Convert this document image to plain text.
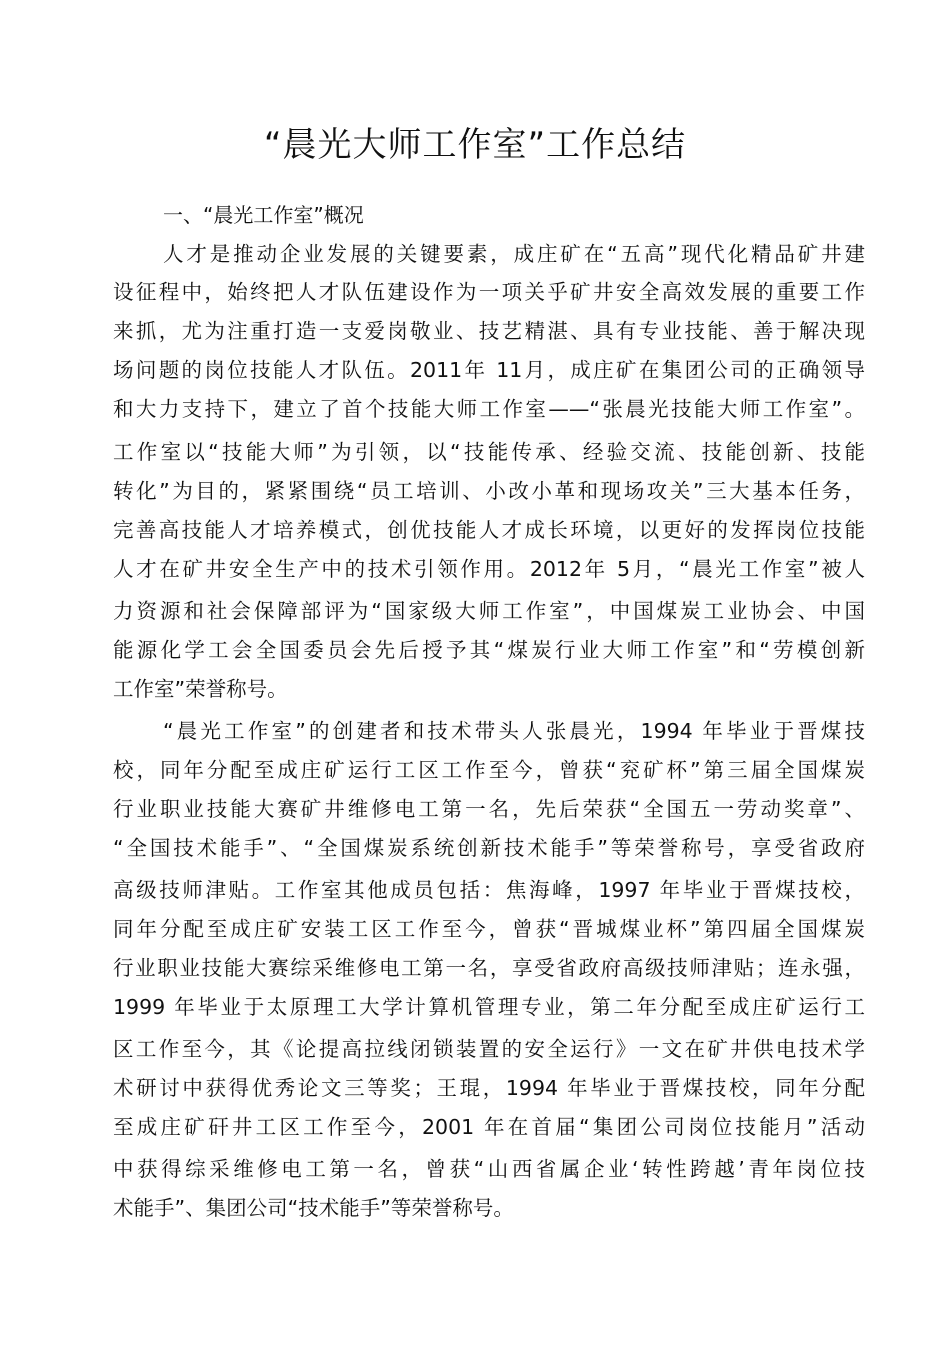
“晨光大师工作室”工作总结
一、“晨光工作室”概况
人才是推动企业发展的关键要素，成庄矿在“五高”现代化精品矿井建
设征程中，始终把人才队伍建设作为一项关乎矿井安全高效发展的重要工作
来抓，尤为注重打造一支爱岗敬业、技艺精湛、具有专业技能、善于解决现
场问题的岗位技能人才队伍。2011年 11月，成庄矿在集团公司的正确领导
和大力支持下，建立了首个技能大师工作室——“张晨光技能大师工作室”。
工作室以“技能大师”为引领，以“技能传承、经验交流、技能创新、技能
转化”为目的，紧紧围绕“员工培训、小改小革和现场攻关”三大基本任务，
完善高技能人才培养模式，创优技能人才成长环境，以更好的发挥岗位技能
人才在矿井安全生产中的技术引领作用。2012年 5月，“晨光工作室”被人
力资源和社会保障部评为“国家级大师工作室”，中国煤炭工业协会、中国
能源化学工会全国委员会先后授予其“煤炭行业大师工作室”和“劳模创新
工作室”荣誉称号。
“晨光工作室”的创建者和技术带头人张晨光，1994 年毕业于晋煤技
校，同年分配至成庄矿运行工区工作至今，曾获“兖矿杯”第三届全国煤炭
行业职业技能大赛矿井维修电工第一名，先后荣获“全国五一劳动奖章”、
“全国技术能手”、“全国煤炭系统创新技术能手”等荣誉称号，享受省政府
高级技师津贴。工作室其他成员包括：焦海峰，1997 年毕业于晋煤技校，
同年分配至成庄矿安装工区工作至今，曾获“晋城煤业杯”第四届全国煤炭
行业职业技能大赛综采维修电工第一名，享受省政府高级技师津贴；连永强，
1999 年毕业于太原理工大学计算机管理专业，第二年分配至成庄矿运行工
区工作至今，其《论提高拉线闭锁装置的安全运行》一文在矿井供电技术学
术研讨中获得优秀论文三等奖；王琨，1994 年毕业于晋煤技校，同年分配
至成庄矿矸井工区工作至今，2001 年在首届“集团公司岗位技能月”活动
中获得综采维修电工第一名，曾获“山西省属企业‘转性跨越’青年岗位技
术能手”、集团公司“技术能手”等荣誉称号。
